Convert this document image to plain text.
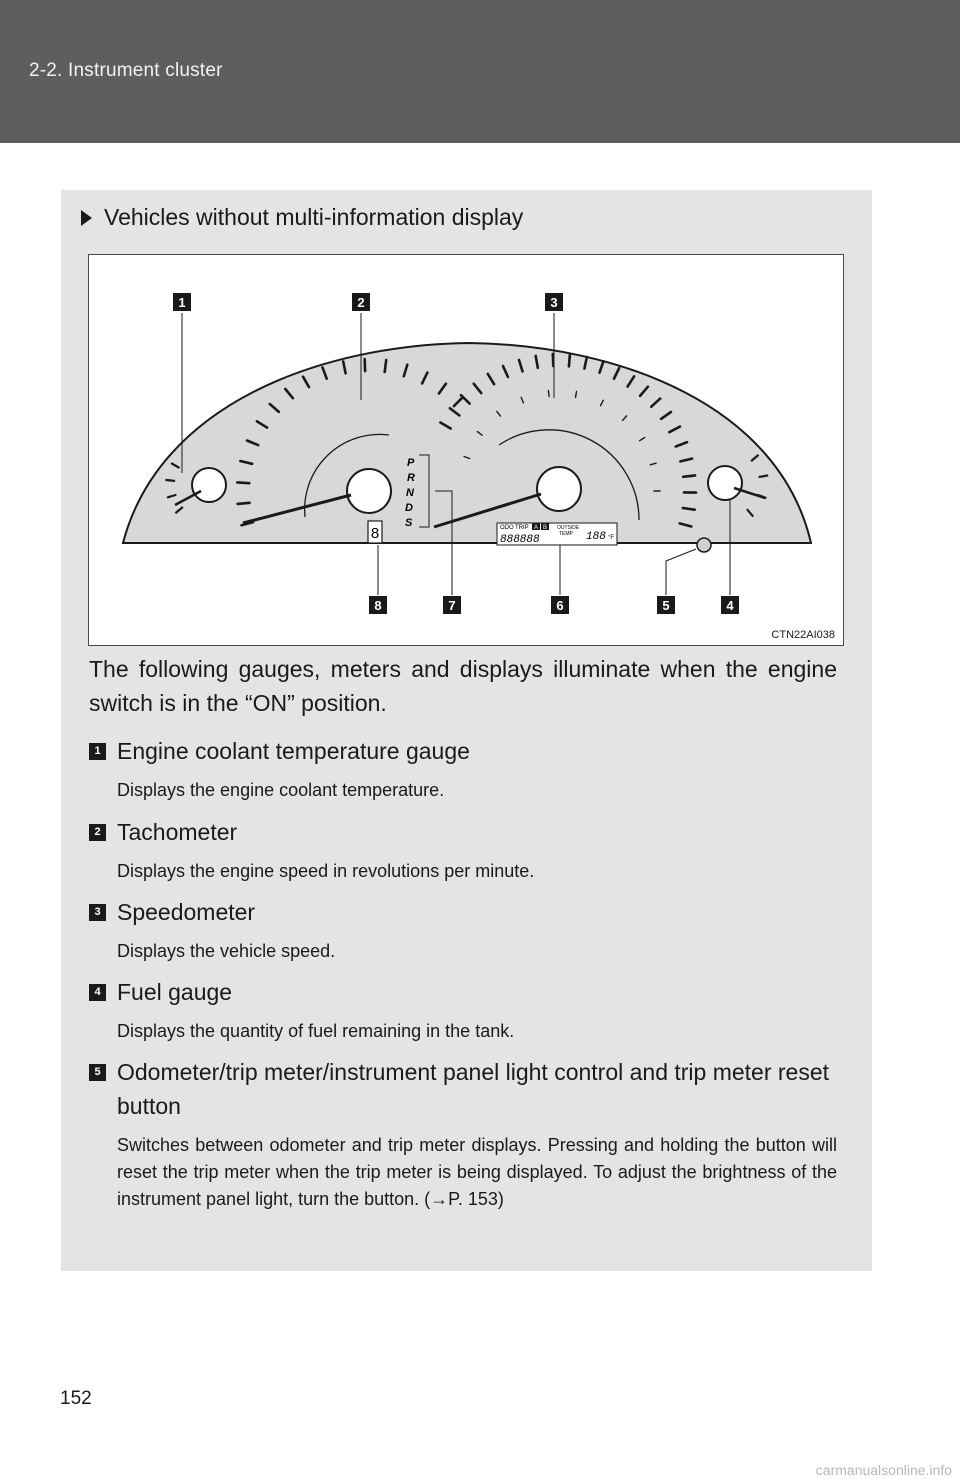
2-2. Instrument cluster
Vehicles without multi-information display
8
P
R
N
D
S	ODO TRIP A B OUTSIDE
TEMP
888888	188 °F
1	2	3
4
5
6
7
8
CTN22AI038
The following gauges, meters and displays illuminate when the engine switch is in the “ON” position.
1 Engine coolant temperature gauge
Displays the engine coolant temperature.
2 Tachometer
Displays the engine speed in revolutions per minute.
3 Speedometer
Displays the vehicle speed.
4 Fuel gauge
Displays the quantity of fuel remaining in the tank.
5 Odometer/trip meter/instrument panel light control and trip meter reset button
Switches between odometer and trip meter displays. Pressing and holding the button will reset the trip meter when the trip meter is being displayed. To adjust the brightness of the instrument panel light, turn the button. (→P. 153)
152
carmanualsonline.info
